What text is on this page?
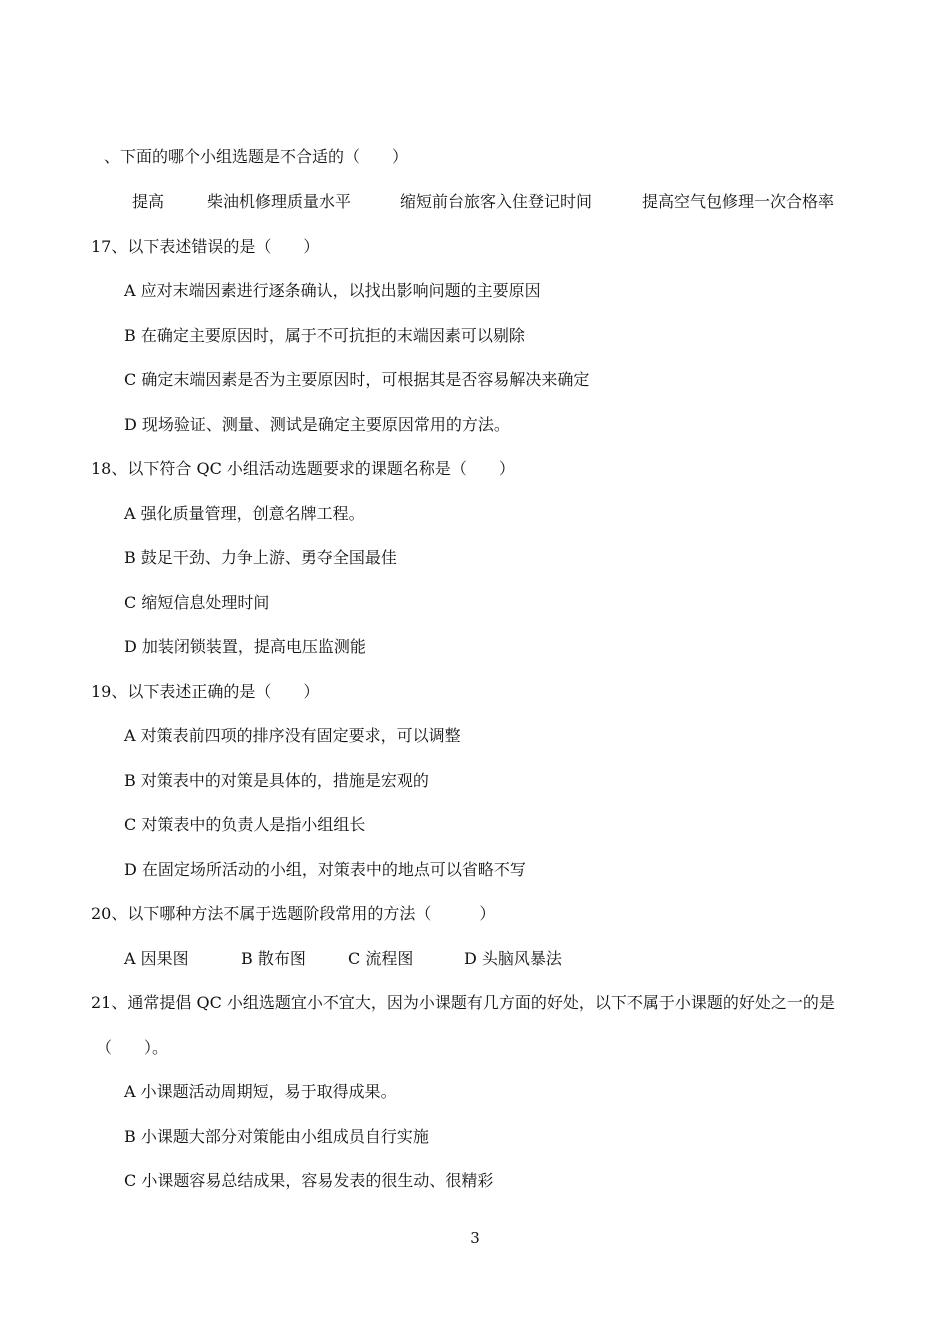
、下面的哪个小组选题是不合适的（　　）
提高	柴油机修理质量水平	缩短前台旅客入住登记时间	提高空气包修理一次合格率
17、以下表述错误的是（　　）
A 应对末端因素进行逐条确认，以找出影响问题的主要原因
B 在确定主要原因时，属于不可抗拒的末端因素可以剔除
C 确定末端因素是否为主要原因时，可根据其是否容易解决来确定
D 现场验证、测量、测试是确定主要原因常用的方法。
18、以下符合 QC 小组活动选题要求的课题名称是（　　）
A 强化质量管理，创意名牌工程。
B 鼓足干劲、力争上游、勇夺全国最佳
C 缩短信息处理时间
D 加装闭锁装置，提高电压监测能
19、以下表述正确的是（　　）
A 对策表前四项的排序没有固定要求，可以调整
B 对策表中的对策是具体的，措施是宏观的
C 对策表中的负责人是指小组组长
D 在固定场所活动的小组，对策表中的地点可以省略不写
20、以下哪种方法不属于选题阶段常用的方法（　　　）
A 因果图	B 散布图	C 流程图	D 头脑风暴法
21、通常提倡 QC 小组选题宜小不宜大，因为小课题有几方面的好处，以下不属于小课题的好处之一的是
（　　）。
A 小课题活动周期短，易于取得成果。
B 小课题大部分对策能由小组成员自行实施
C 小课题容易总结成果，容易发表的很生动、很精彩
3
